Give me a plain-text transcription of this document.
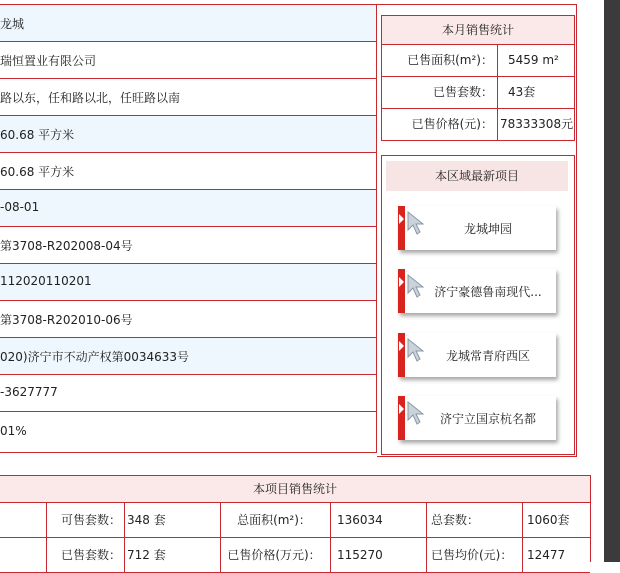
龙城
瑞恒置业有限公司
路以东，任和路以北，任旺路以南
60.68 平方米
60.68 平方米
-08-01
第3708-R202008-04号
112020110201
第3708-R202010-06号
020)济宁市不动产权第0034633号
-3627777
01%
本月销售统计
已售面积(m²)：	5459 m²
已售套数：	43套
已售价格(元)： 78333308元
本区域最新项目
龙城坤园
济宁豪德鲁南现代...
龙城常青府西区
济宁立国京杭名都
本项目销售统计
可售套数： 348 套	总面积(m²)：	136034	总套数：	1060套
已售套数： 712 套	已售价格(万元)：	115270	已售均价(元)：	12477
